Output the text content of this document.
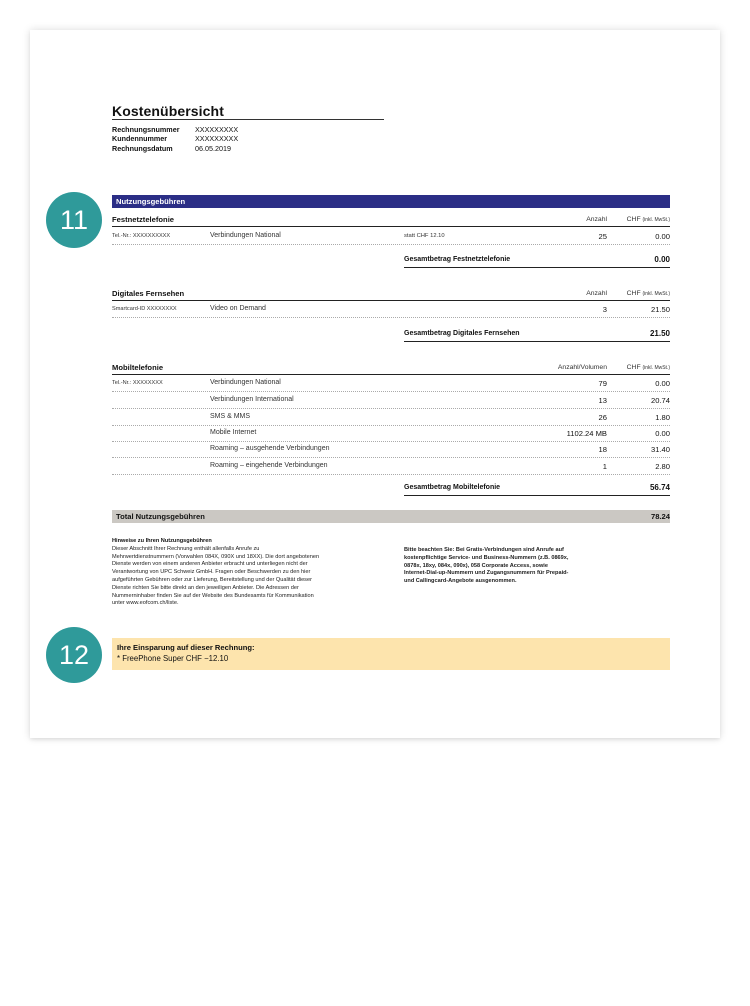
Kostenübersicht
Rechnungsnummer	XXXXXXXXX
Kundennummer	XXXXXXXXX
Rechnungsdatum	06.05.2019
11
12
Nutzungsgebühren
Festnetztelefonie	Anzahl	CHF (inkl. MwSt.)
Tel.-Nr.: XXXXXXXXXX	Verbindungen National	statt CHF 12.10	25	0.00
Gesamtbetrag Festnetztelefonie	0.00
Digitales Fernsehen	Anzahl	CHF (inkl. MwSt.)
Smartcard-ID XXXXXXXX	Video on Demand	3	21.50
Gesamtbetrag Digitales Fernsehen	21.50
Mobiltelefonie	Anzahl/Volumen	CHF (inkl. MwSt.)
Tel.-Nr.: XXXXXXXX	Verbindungen National	79	0.00
Verbindungen International	13	20.74
SMS & MMS	26	1.80
Mobile Internet	1102.24 MB	0.00
Roaming – ausgehende Verbindungen	18	31.40
Roaming – eingehende Verbindungen	1	2.80
Gesamtbetrag Mobiltelefonie	56.74
Total Nutzungsgebühren	78.24
Hinweise zu Ihren Nutzungsgebühren
Dieser Abschnitt Ihrer Rechnung enthält allenfalls Anrufe zu
Mehrwertdienstnummern (Vorwahlen 084X, 090X und 18XX). Die dort angebotenen
Dienste werden von einem anderen Anbieter erbracht und unterliegen nicht der
Verantwortung von UPC Schweiz GmbH. Fragen oder Beschwerden zu den hier
aufgeführten Gebühren oder zur Lieferung, Bereitstellung und der Qualität dieser
Dienste richten Sie bitte direkt an den jeweiligen Anbieter. Die Adressen der
Nummerninhaber finden Sie auf der Website des Bundesamts für Kommunikation
unter www.eofcom.ch/liste.
Bitte beachten Sie: Bei Gratis-Verbindungen sind Anrufe auf
kostenpflichtige Service- und Business-Nummern (z.B. 0869x,
0878x, 18xy, 084x, 090x), 058 Corporate Access, sowie
Internet-Dial-up-Nummern und Zugangsnummern für Prepaid-
und Callingcard-Angebote ausgenommen.
Ihre Einsparung auf dieser Rechnung:
* FreePhone Super CHF −12.10
